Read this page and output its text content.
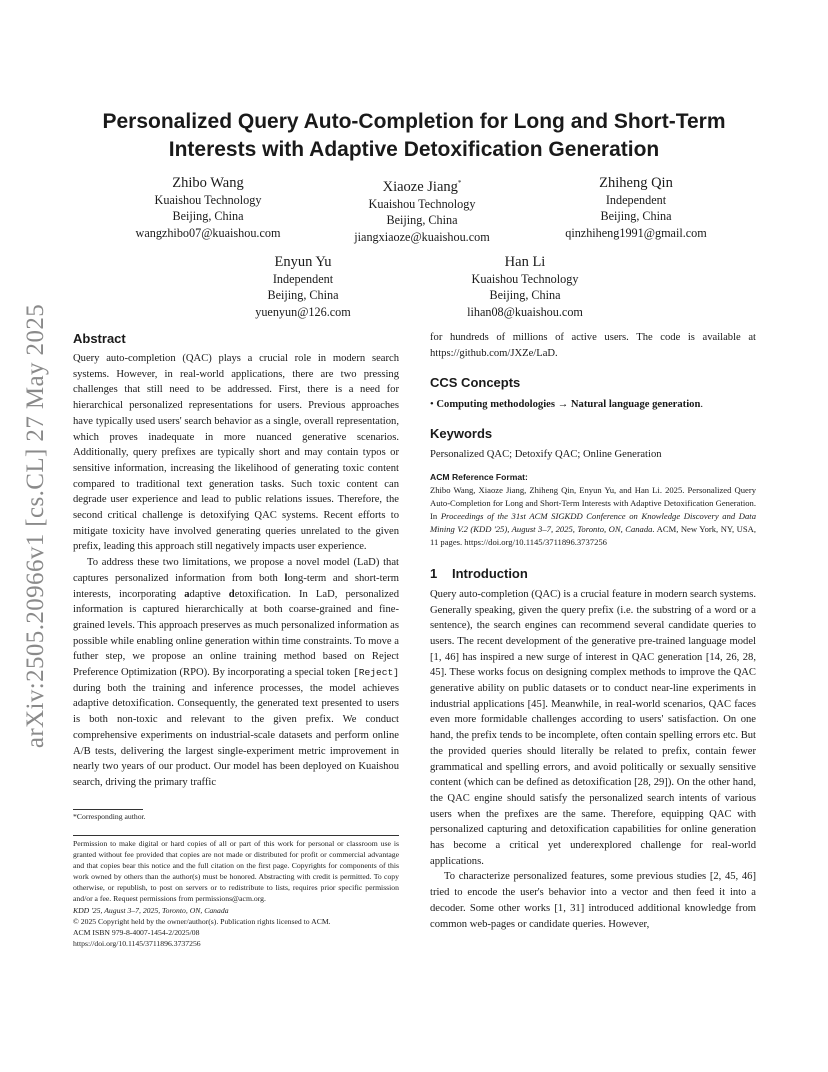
arXiv:2505.20966v1 [cs.CL] 27 May 2025
Personalized Query Auto-Completion for Long and Short-Term Interests with Adaptive Detoxification Generation
Zhibo Wang
Kuaishou Technology
Beijing, China
wangzhibo07@kuaishou.com
Xiaoze Jiang*
Kuaishou Technology
Beijing, China
jiangxiaoze@kuaishou.com
Zhiheng Qin
Independent
Beijing, China
qinzhiheng1991@gmail.com
Enyun Yu
Independent
Beijing, China
yuenyun@126.com
Han Li
Kuaishou Technology
Beijing, China
lihan08@kuaishou.com
Abstract

Query auto-completion (QAC) plays a crucial role in modern search systems. However, in real-world applications, there are two pressing challenges that still need to be addressed. First, there is a need for hierarchical personalized representations for users. Previous approaches have typically used users' search behavior as a single, overall representation, which proves inadequate in more nuanced generative scenarios. Additionally, query prefixes are typically short and may contain typos or sensitive information, increasing the likelihood of generating toxic content compared to traditional text generation tasks. Such toxic content can degrade user experience and lead to public relations issues. Therefore, the second critical challenge is detoxifying QAC systems. Recent efforts to mitigate toxicity have involved generating queries unrelated to the given prefix, leading this approach still negatively impacts user experience.

To address these two limitations, we propose a novel model (LaD) that captures personalized information from both long-term and short-term interests, incorporating adaptive detoxification. In LaD, personalized information is captured hierarchically at both coarse-grained and fine-grained levels. This approach preserves as much personalized information as possible while enabling online generation within time constraints. To move a futher step, we propose an online training method based on Reject Preference Optimization (RPO). By incorporating a special token [Reject] during both the training and inference processes, the model achieves adaptive detoxification. Consequently, the generated text presented to users is both non-toxic and relevant to the given prefix. We conduct comprehensive experiments on industrial-scale datasets and perform online A/B tests, delivering the largest single-experiment metric improvement in nearly two years of our product. Our model has been deployed on Kuaishou search, driving the primary traffic

*Corresponding author.

Permission to make digital or hard copies of all or part of this work for personal or classroom use is granted without fee provided that copies are not made or distributed for profit or commercial advantage and that copies bear this notice and the full citation on the first page. Copyrights for components of this work owned by others than the author(s) must be honored. Abstracting with credit is permitted. To copy otherwise, or republish, to post on servers or to redistribute to lists, requires prior specific permission and/or a fee. Request permissions from permissions@acm.org.

KDD '25, August 3–7, 2025, Toronto, ON, Canada

© 2025 Copyright held by the owner/author(s). Publication rights licensed to ACM.

ACM ISBN 979-8-4007-1454-2/2025/08

https://doi.org/10.1145/3711896.3737256

for hundreds of millions of active users. The code is available at https://github.com/JXZe/LaD.

CCS Concepts

• Computing methodologies → Natural language generation.

Keywords

Personalized QAC; Detoxify QAC; Online Generation

ACM Reference Format:
Zhibo Wang, Xiaoze Jiang, Zhiheng Qin, Enyun Yu, and Han Li. 2025. Personalized Query Auto-Completion for Long and Short-Term Interests with Adaptive Detoxification Generation. In Proceedings of the 31st ACM SIGKDD Conference on Knowledge Discovery and Data Mining V.2 (KDD '25), August 3–7, 2025, Toronto, ON, Canada. ACM, New York, NY, USA, 11 pages. https://doi.org/10.1145/3711896.3737256
1 Introduction

Query auto-completion (QAC) is a crucial feature in modern search systems. Generally speaking, given the query prefix (i.e. the substring of a word or a sentence), the search engines can recommend several candidate queries to users. The recent development of the generative pre-trained language model [1, 46] has inspired a new surge of interest in QAC generation [14, 26, 28, 45]. These works focus on designing complex methods to improve the QAC generative ability on public datasets or to conduct near-line experiments in industrial applications [45]. Meanwhile, in real-world scenarios, QAC faces even more formidable challenges according to users' satisfaction. On one hand, the prefix tends to be incomplete, often contain spelling errors etc. But the provided queries should literally be related to prefix, contain fewer grammatical and spelling errors, and avoid politically or sexually sensitive content (which can be defined as detoxification [28, 29]). On the other hand, the QAC engine should satisfy the personalized search intents of various users when the prefixes are the same. Therefore, equipping QAC with personalized capturing and detoxification capabilities for online generation has become a critical yet underexplored challenge for real-world applications.

To characterize personalized features, some previous studies [2, 45, 46] tried to encode the user's behavior into a vector and then feed it into a decoder. Some other works [1, 31] introduced additional knowledge from common web-pages or candidate queries. However,
